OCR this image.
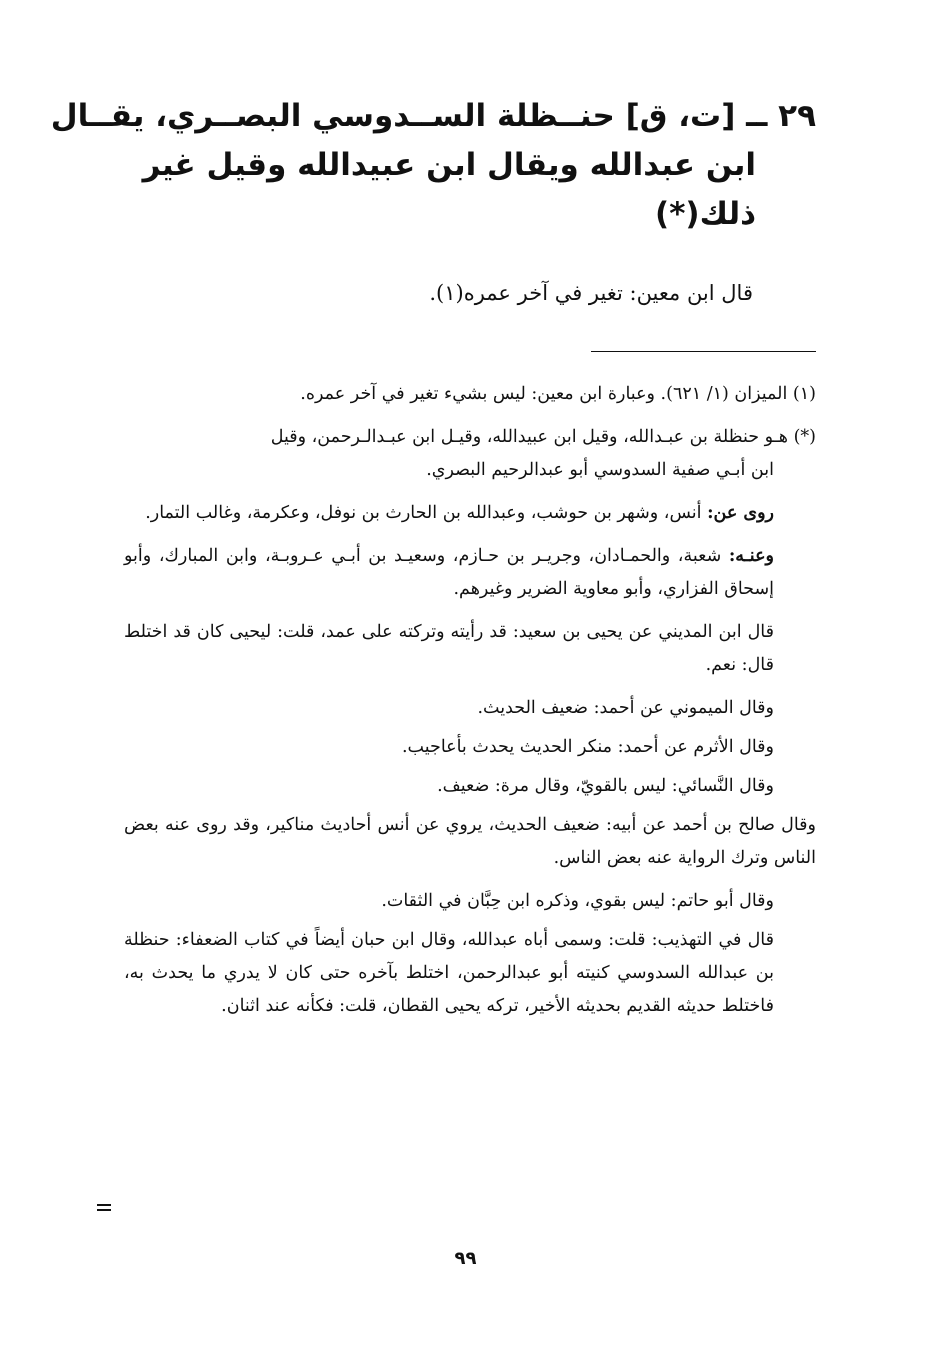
٢٩ ــ [ت، ق] حنــظلة الســدوسي البصــري، يقــال
ابن عبدالله ويقال ابن عبيدالله وقيل غير
ذلك(*)
قال ابن معين: تغير في آخر عمره(١).

(١) الميزان (١/ ٦٢١). وعبارة ابن معين: ليس بشيء تغير في آخر عمره.

(*) هـو حنظلة بن عبـدالله، وقيل ابن عبيدالله، وقيـل ابن عبـدالـرحمن، وقيل
ابن أبـي صفية السدوسي أبو عبدالرحيم البصري.

روى عن: أنس، وشهر بن حوشب، وعبدالله بن الحارث بن نوفل، وعكرمة، وغالب التمار.

وعنـه: شعبة، والحمـادان، وجريـر بن حـازم، وسعيـد بن أبـي عـروبـة، وابن المبارك، وأبو إسحاق الفزاري، وأبو معاوية الضرير وغيرهم.

قال ابن المديني عن يحيى بن سعيد: قد رأيته وتركته على عمد، قلت: ليحيى كان قد اختلط قال: نعم.

وقال الميموني عن أحمد: ضعيف الحديث.

وقال الأثرم عن أحمد: منكر الحديث يحدث بأعاجيب.

وقال النَّسائي: ليس بالقويّ، وقال مرة: ضعيف.

وقال صالح بن أحمد عن أبيه: ضعيف الحديث، يروي عن أنس أحاديث مناكير، وقد روى عنه بعض الناس وترك الرواية عنه بعض الناس.

وقال أبو حاتم: ليس بقوي، وذكره ابن حِبَّان في الثقات.

قال في التهذيب: قلت: وسمى أباه عبدالله، وقال ابن حبان أيضاً في كتاب الضعفاء: حنظلة بن عبدالله السدوسي كنيته أبو عبدالرحمن، اختلط بآخره حتى كان لا يدري ما يحدث به، فاختلط حديثه القديم بحديثه الأخير، تركه يحيى القطان، قلت: فكأنه عند اثنان.

٩٩
